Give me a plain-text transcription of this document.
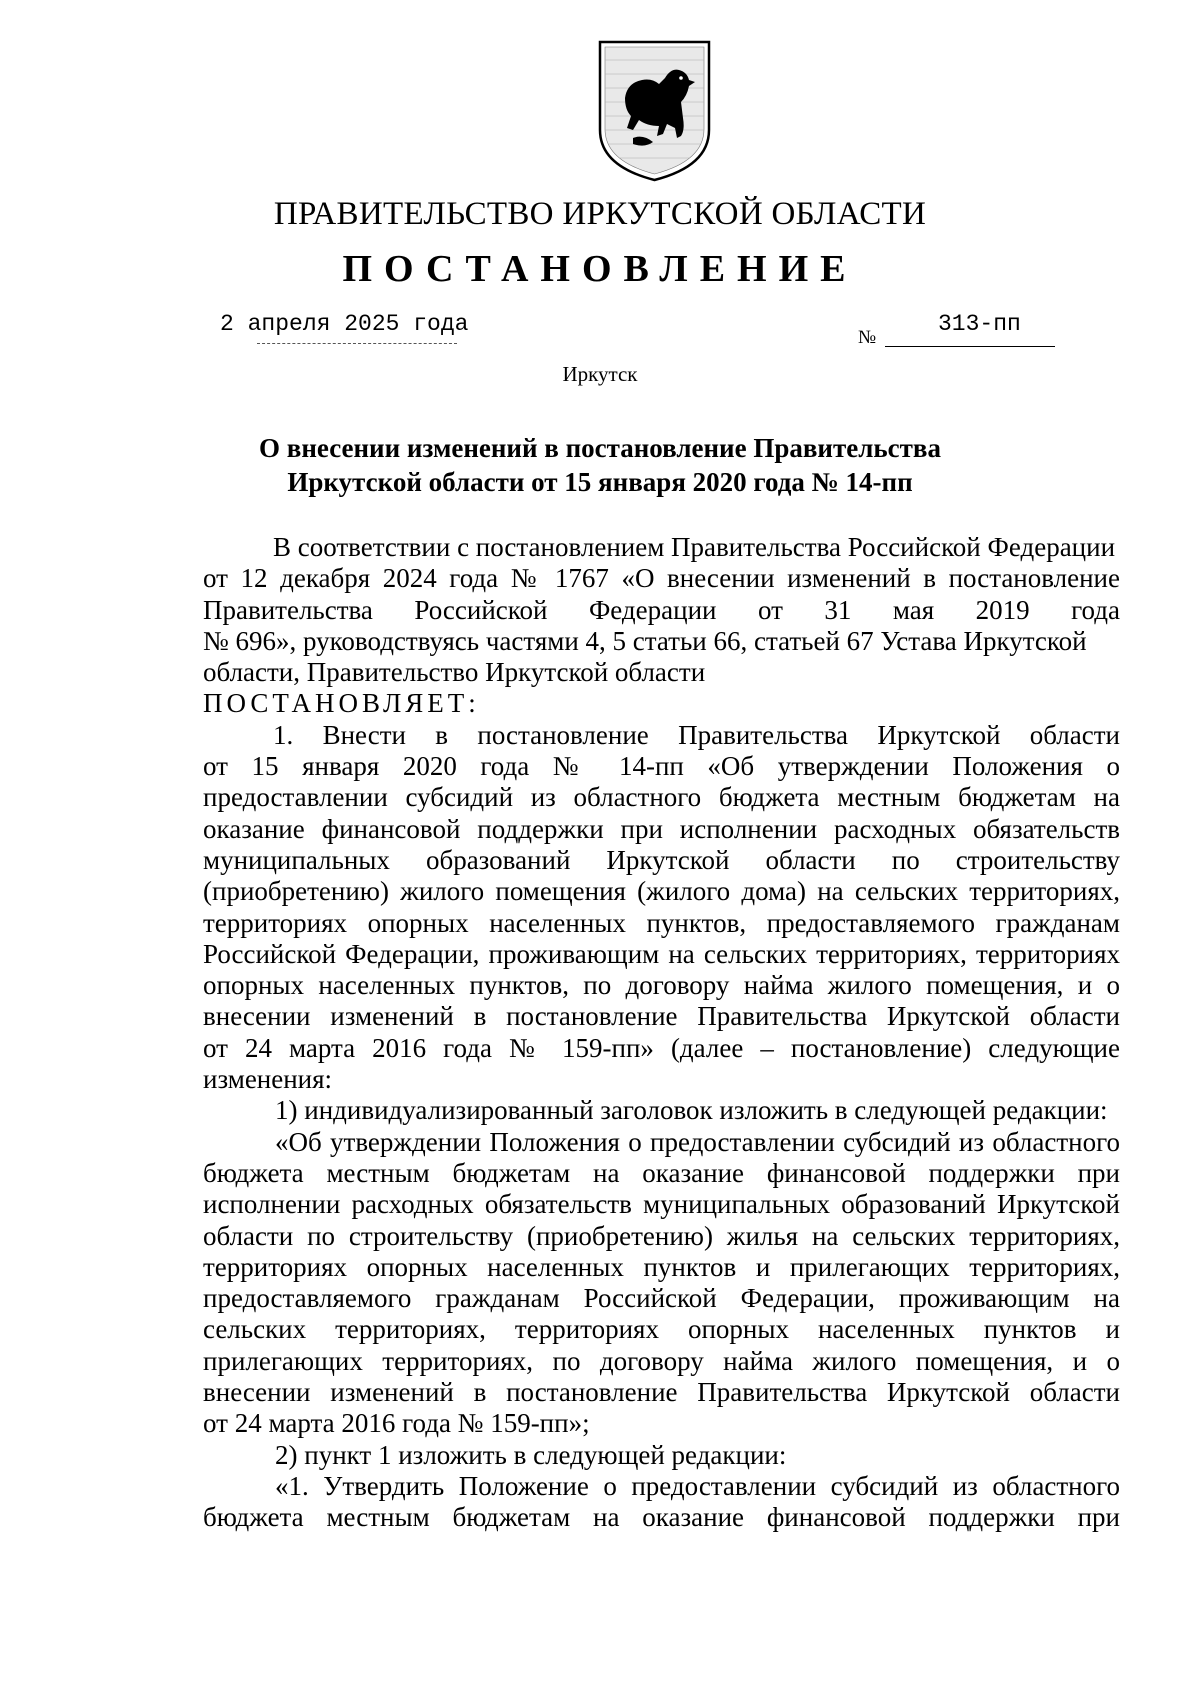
ПРАВИТЕЛЬСТВО ИРКУТСКОЙ ОБЛАСТИ
ПОСТАНОВЛЕНИЕ
2 апреля 2025 года
№
313-пп
Иркутск
О внесении изменений в постановление Правительства
Иркутской области от 15 января 2020 года № 14-пп
В соответствии с постановлением Правительства Российской Федерации
от 12 декабря 2024 года № 1767 «О внесении изменений в постановление
Правительства Российской Федерации от 31 мая 2019 года
№ 696», руководствуясь частями 4, 5 статьи 66, статьей 67 Устава Иркутской
области, Правительство Иркутской области
ПОСТАНОВЛЯЕТ:
1. Внести в постановление Правительства Иркутской области
от 15 января 2020 года № 14-пп «Об утверждении Положения о
предоставлении субсидий из областного бюджета местным бюджетам на
оказание финансовой поддержки при исполнении расходных обязательств
муниципальных образований Иркутской области по строительству
(приобретению) жилого помещения (жилого дома) на сельских территориях,
территориях опорных населенных пунктов, предоставляемого гражданам
Российской Федерации, проживающим на сельских территориях, территориях
опорных населенных пунктов, по договору найма жилого помещения, и о
внесении изменений в постановление Правительства Иркутской области
от 24 марта 2016 года № 159-пп» (далее – постановление) следующие
изменения:
1) индивидуализированный заголовок изложить в следующей редакции:
«Об утверждении Положения о предоставлении субсидий из областного
бюджета местным бюджетам на оказание финансовой поддержки при
исполнении расходных обязательств муниципальных образований Иркутской
области по строительству (приобретению) жилья на сельских территориях,
территориях опорных населенных пунктов и прилегающих территориях,
предоставляемого гражданам Российской Федерации, проживающим на
сельских территориях, территориях опорных населенных пунктов и
прилегающих территориях, по договору найма жилого помещения, и о
внесении изменений в постановление Правительства Иркутской области
от 24 марта 2016 года № 159-пп»;
2) пункт 1 изложить в следующей редакции:
«1. Утвердить Положение о предоставлении субсидий из областного
бюджета местным бюджетам на оказание финансовой поддержки при
